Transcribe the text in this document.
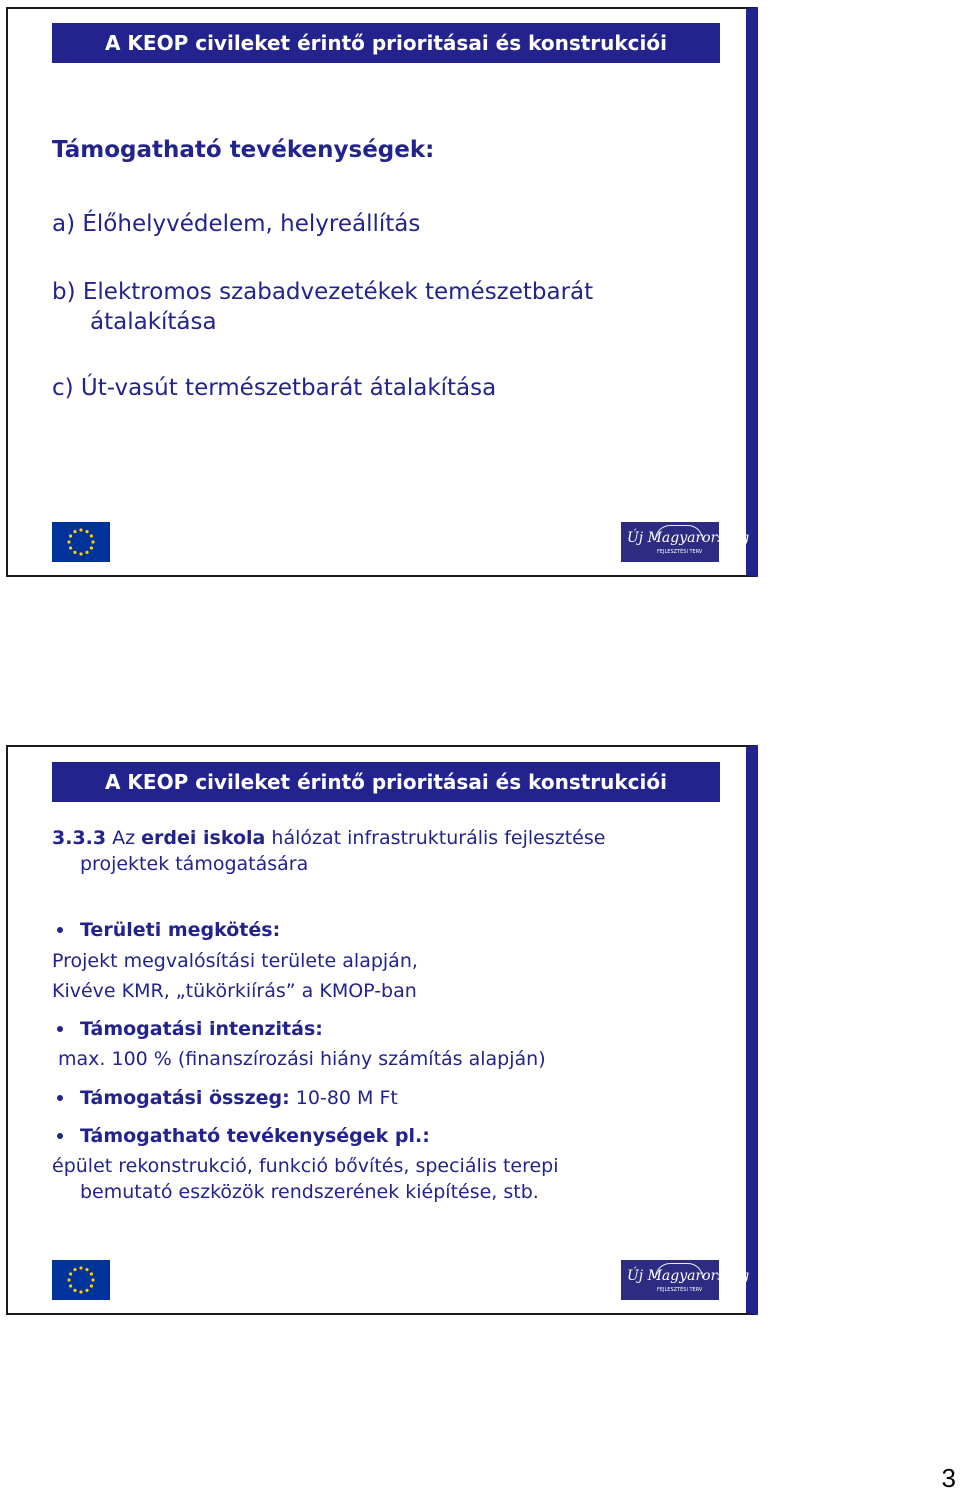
A KEOP civileket érintő prioritásai és konstrukciói
Támogatható tevékenységek:
a) Élőhelyvédelem, helyreállítás
b) Elektromos szabadvezetékek temészetbarát
átalakítása
c) Út-vasút természetbarát átalakítása
Új Magyarország
FEJLESZTÉSI TERV
A KEOP civileket érintő prioritásai és konstrukciói
3.3.3 Az erdei iskola hálózat infrastrukturális fejlesztése
projektek támogatására
Területi megkötés:
Projekt megvalósítási területe alapján,
Kivéve KMR, „tükörkiírás” a KMOP-ban
Támogatási intenzitás:
max. 100 % (finanszírozási hiány számítás alapján)
Támogatási összeg: 10-80 M Ft
Támogatható tevékenységek pl.:
épület rekonstrukció, funkció bővítés, speciális terepi
bemutató eszközök rendszerének kiépítése, stb.
Új Magyarország
FEJLESZTÉSI TERV
3
